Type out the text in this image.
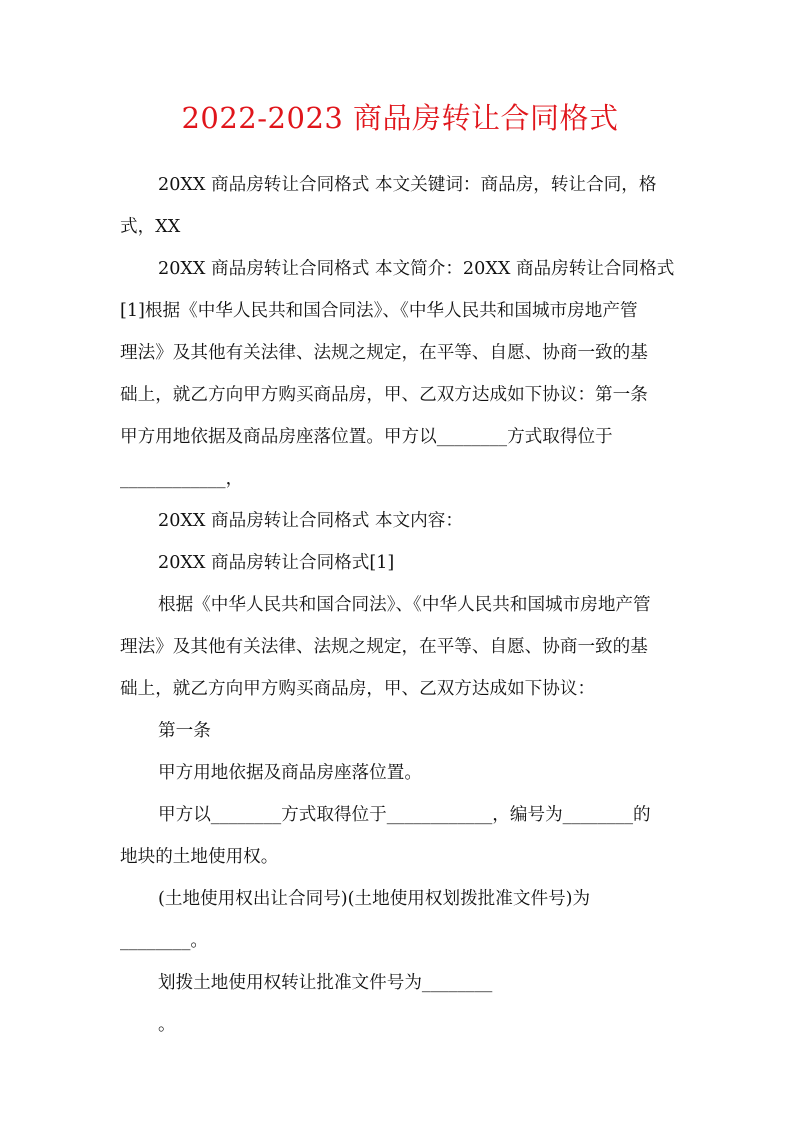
2022-2023 商品房转让合同格式
20XX 商品房转让合同格式 本文关键词：商品房，转让合同，格
式，XX
20XX 商品房转让合同格式 本文简介：20XX 商品房转让合同格式
[1]根据《中华人民共和国合同法》、《中华人民共和国城市房地产管
理法》及其他有关法律、法规之规定，在平等、自愿、协商一致的基
础上，就乙方向甲方购买商品房，甲、乙双方达成如下协议：第一条
甲方用地依据及商品房座落位置。甲方以________方式取得位于
____________，
20XX 商品房转让合同格式 本文内容：
20XX 商品房转让合同格式[1]
根据《中华人民共和国合同法》、《中华人民共和国城市房地产管
理法》及其他有关法律、法规之规定，在平等、自愿、协商一致的基
础上，就乙方向甲方购买商品房，甲、乙双方达成如下协议：
第一条
甲方用地依据及商品房座落位置。
甲方以________方式取得位于____________，编号为________的
地块的土地使用权。
(土地使用权出让合同号)(土地使用权划拨批准文件号)为
________。
划拨土地使用权转让批准文件号为________
。
